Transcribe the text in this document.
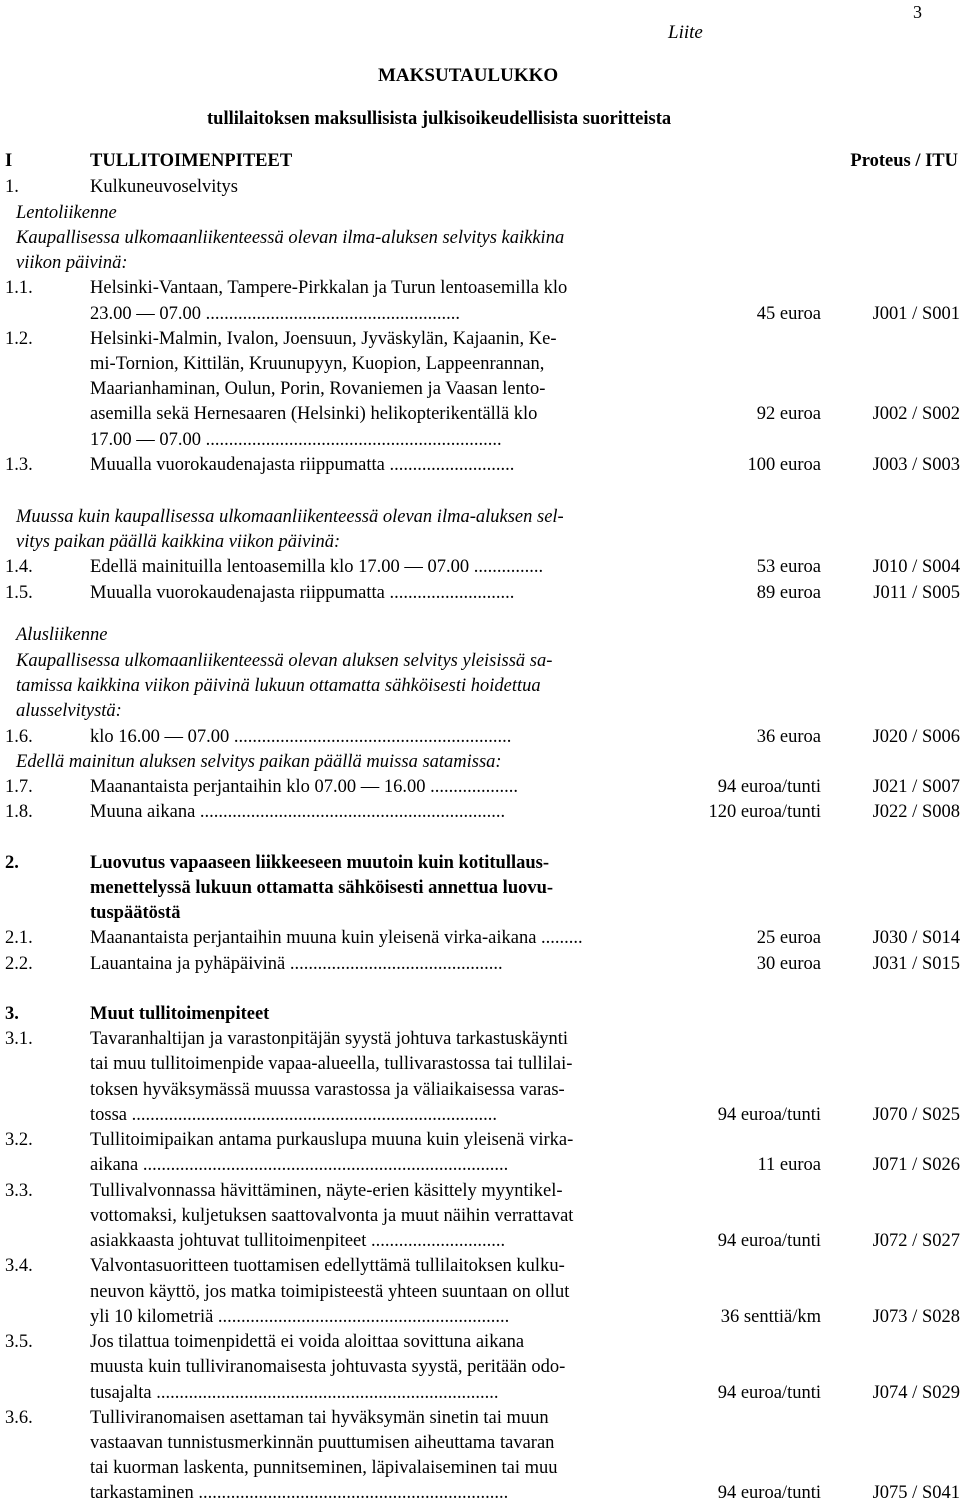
3
Liite
MAKSUTAULUKKO
tullilaitoksen maksullisista julkisoikeudellisista suoritteista
I	TULLITOIMENPITEET	Proteus / ITU
1.	Kulkuneuvoselvitys
Lentoliikenne
Kaupallisessa ulkomaanliikenteessä olevan ilma-aluksen selvitys kaikkina
viikon päivinä:
1.1.	Helsinki-Vantaan, Tampere-Pirkkalan ja Turun lentoasemilla klo
23.00 — 07.00 .......................................................	45 euroa	J001 / S001
1.2.	Helsinki-Malmin, Ivalon, Joensuun, Jyväskylän, Kajaanin, Ke-
mi-Tornion, Kittilän, Kruunupyyn, Kuopion, Lappeenrannan,
Maarianhaminan, Oulun, Porin, Rovaniemen ja Vaasan lento-
asemilla sekä Hernesaaren (Helsinki) helikopterikentällä klo	92 euroa	J002 / S002
17.00 — 07.00 ................................................................
1.3.	Muualla vuorokaudenajasta riippumatta ...........................	100 euroa	J003 / S003
Muussa kuin kaupallisessa ulkomaanliikenteessä olevan ilma-aluksen sel-
vitys paikan päällä kaikkina viikon päivinä:
1.4.	Edellä mainituilla lentoasemilla klo 17.00 — 07.00 ...............	53 euroa	J010 / S004
1.5.	Muualla vuorokaudenajasta riippumatta ...........................	89 euroa	J011 / S005
Alusliikenne
Kaupallisessa ulkomaanliikenteessä olevan aluksen selvitys yleisissä sa-
tamissa kaikkina viikon päivinä lukuun ottamatta sähköisesti hoidettua
alusselvitystä:
1.6.	klo 16.00 — 07.00 ............................................................	36 euroa	J020 / S006
Edellä mainitun aluksen selvitys paikan päällä muissa satamissa:
1.7.	Maanantaista perjantaihin klo 07.00 — 16.00 ...................	94 euroa/tunti	J021 / S007
1.8.	Muuna aikana ..................................................................	120 euroa/tunti	J022 / S008
2.	Luovutus vapaaseen liikkeeseen muutoin kuin kotitullaus-
menettelyssä lukuun ottamatta sähköisesti annettua luovu-
tuspäätöstä
2.1.	Maanantaista perjantaihin muuna kuin yleisenä virka-aikana .........	25 euroa	J030 / S014
2.2.	Lauantaina ja pyhäpäivinä ..............................................	30 euroa	J031 / S015
3.	Muut tullitoimenpiteet
3.1.	Tavaranhaltijan ja varastonpitäjän syystä johtuva tarkastuskäynti
tai muu tullitoimenpide vapaa-alueella, tullivarastossa tai tullilai-
toksen hyväksymässä muussa varastossa ja väliaikaisessa varas-
tossa ...............................................................................	94 euroa/tunti	J070 / S025
3.2.	Tullitoimipaikan antama purkauslupa muuna kuin yleisenä virka-
aikana ...............................................................................	11 euroa	J071 / S026
3.3.	Tullivalvonnassa hävittäminen, näyte-erien käsittely myyntikel-
vottomaksi, kuljetuksen saattovalvonta ja muut näihin verrattavat
asiakkaasta johtuvat tullitoimenpiteet .............................	94 euroa/tunti	J072 / S027
3.4.	Valvontasuoritteen tuottamisen edellyttämä tullilaitoksen kulku-
neuvon käyttö, jos matka toimipisteestä yhteen suuntaan on ollut
yli 10 kilometriä ...............................................................	36 senttiä/km	J073 / S028
3.5.	Jos tilattua toimenpidettä ei voida aloittaa sovittuna aikana
muusta kuin tulliviranomaisesta johtuvasta syystä, peritään odo-
tusajalta ..........................................................................	94 euroa/tunti	J074 / S029
3.6.	Tulliviranomaisen asettaman tai hyväksymän sinetin tai muun
vastaavan tunnistusmerkinnän puuttumisen aiheuttama tavaran
tai kuorman laskenta, punnitseminen, läpivalaiseminen tai muu
tarkastaminen ...................................................................	94 euroa/tunti	J075 / S041
